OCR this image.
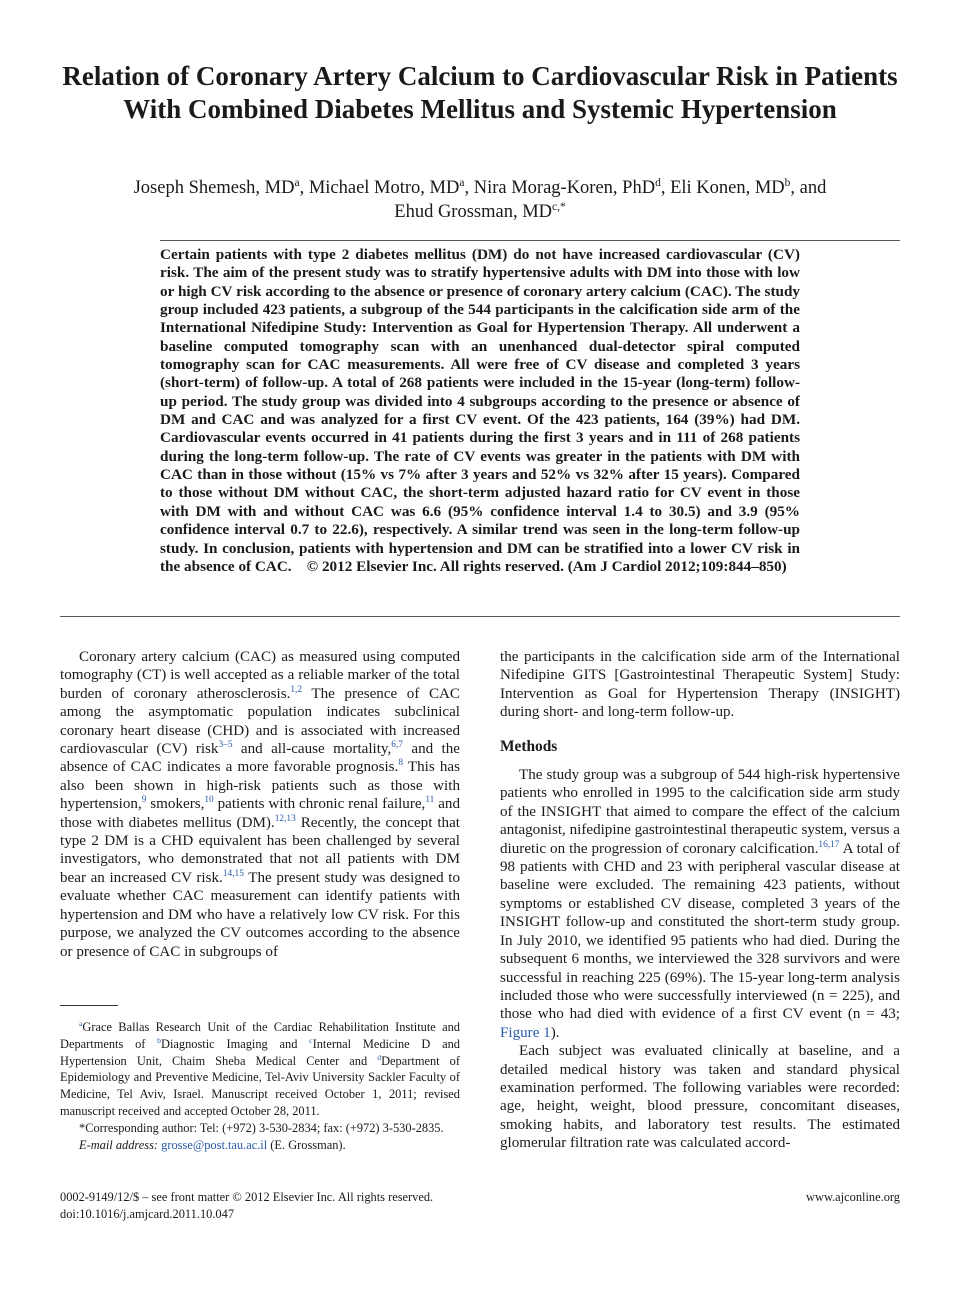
Relation of Coronary Artery Calcium to Cardiovascular Risk in Patients With Combined Diabetes Mellitus and Systemic Hypertension
Joseph Shemesh, $MD^a$, Michael Motro, $MD^a$, Nira Morag-Koren, PhD$^d$, Eli Konen, $MD^b$, and
Ehud Grossman, $MD^{c,*}$
Certain patients with type 2 diabetes mellitus (DM) do not have increased cardiovascular (CV) risk. The aim of the present study was to stratify hypertensive adults with DM into those with low or high CV risk according to the absence or presence of coronary artery calcium (CAC). The study group included 423 patients, a subgroup of the 544 participants in the calcification side arm of the International Nifedipine Study: Intervention as Goal for Hypertension Therapy. All underwent a baseline computed tomography scan with an unenhanced dual-detector spiral computed tomography scan for CAC measurements. All were free of CV disease and completed 3 years (short-term) of follow-up. A total of 268 patients were included in the 15-year (long-term) follow-up period. The study group was divided into 4 subgroups according to the presence or absence of DM and CAC and was analyzed for a first CV event. Of the 423 patients, 164 (39%) had DM. Cardiovascular events occurred in 41 patients during the first 3 years and in 111 of 268 patients during the long-term follow-up. The rate of CV events was greater in the patients with DM with CAC than in those without (15% vs 7% after 3 years and 52% vs 32% after 15 years). Compared to those without DM without CAC, the short-term adjusted hazard ratio for CV event in those with DM with and without CAC was 6.6 (95% confidence interval 1.4 to 30.5) and 3.9 (95% confidence interval 0.7 to 22.6), respectively. A similar trend was seen in the long-term follow-up study. In conclusion, patients with hypertension and DM can be stratified into a lower CV risk in the absence of CAC. © 2012 Elsevier Inc. All rights reserved. (Am J Cardiol 2012;109:844–850)

Coronary artery calcium (CAC) as measured using computed tomography (CT) is well accepted as a reliable marker of the total burden of coronary atherosclerosis.$^{1,2}$ The presence of CAC among the asymptomatic population indicates subclinical coronary heart disease (CHD) and is associated with increased cardiovascular (CV) risk$^{3-5}$ and all-cause mortality,$^{6,7}$ and the absence of CAC indicates a more favorable prognosis.$^8$ This has also been shown in high-risk patients such as those with hypertension,$^9$ smokers,$^{10}$ patients with chronic renal failure,$^{11}$ and those with diabetes mellitus (DM).$^{12,13}$ Recently, the concept that type 2 DM is a CHD equivalent has been challenged by several investigators, who demonstrated that not all patients with DM bear an increased CV risk.$^{14,15}$ The present study was designed to evaluate whether CAC measurement can identify patients with hypertension and DM who have a relatively low CV risk. For this purpose, we analyzed the CV outcomes according to the absence or presence of CAC in subgroups of

the participants in the calcification side arm of the International Nifedipine GITS [Gastrointestinal Therapeutic System] Study: Intervention as Goal for Hypertension Therapy (INSIGHT) during short- and long-term follow-up.

Methods

The study group was a subgroup of 544 high-risk hypertensive patients who enrolled in 1995 to the calcification side arm study of the INSIGHT that aimed to compare the effect of the calcium antagonist, nifedipine gastrointestinal therapeutic system, versus a diuretic on the progression of coronary calcification.$^{16,17}$ A total of 98 patients with CHD and 23 with peripheral vascular disease at baseline were excluded. The remaining 423 patients, without symptoms or established CV disease, completed 3 years of the INSIGHT follow-up and constituted the short-term study group. In July 2010, we identified 95 patients who had died. During the subsequent 6 months, we interviewed the 328 survivors and were successful in reaching 225 (69%). The 15-year long-term analysis included those who were successfully interviewed (n = 225), and those who had died with evidence of a first CV event (n = 43; Figure 1).

Each subject was evaluated clinically at baseline, and a detailed medical history was taken and standard physical examination performed. The following variables were recorded: age, height, weight, blood pressure, concomitant diseases, smoking habits, and laboratory test results. The estimated glomerular filtration rate was calculated accord-

$^a$Grace Ballas Research Unit of the Cardiac Rehabilitation Institute and Departments of $^b$Diagnostic Imaging and $^c$Internal Medicine D and Hypertension Unit, Chaim Sheba Medical Center and $^d$Department of Epidemiology and Preventive Medicine, Tel-Aviv University Sackler Faculty of Medicine, Tel Aviv, Israel. Manuscript received October 1, 2011; revised manuscript received and accepted October 28, 2011.

*Corresponding author: Tel: (+972) 3-530-2834; fax: (+972) 3-530-2835.

E-mail address: grosse@post.tau.ac.il (E. Grossman).

0002-9149/12/$ – see front matter © 2012 Elsevier Inc. All rights reserved.
doi:10.1016/j.amjcard.2011.10.047
www.ajconline.org
